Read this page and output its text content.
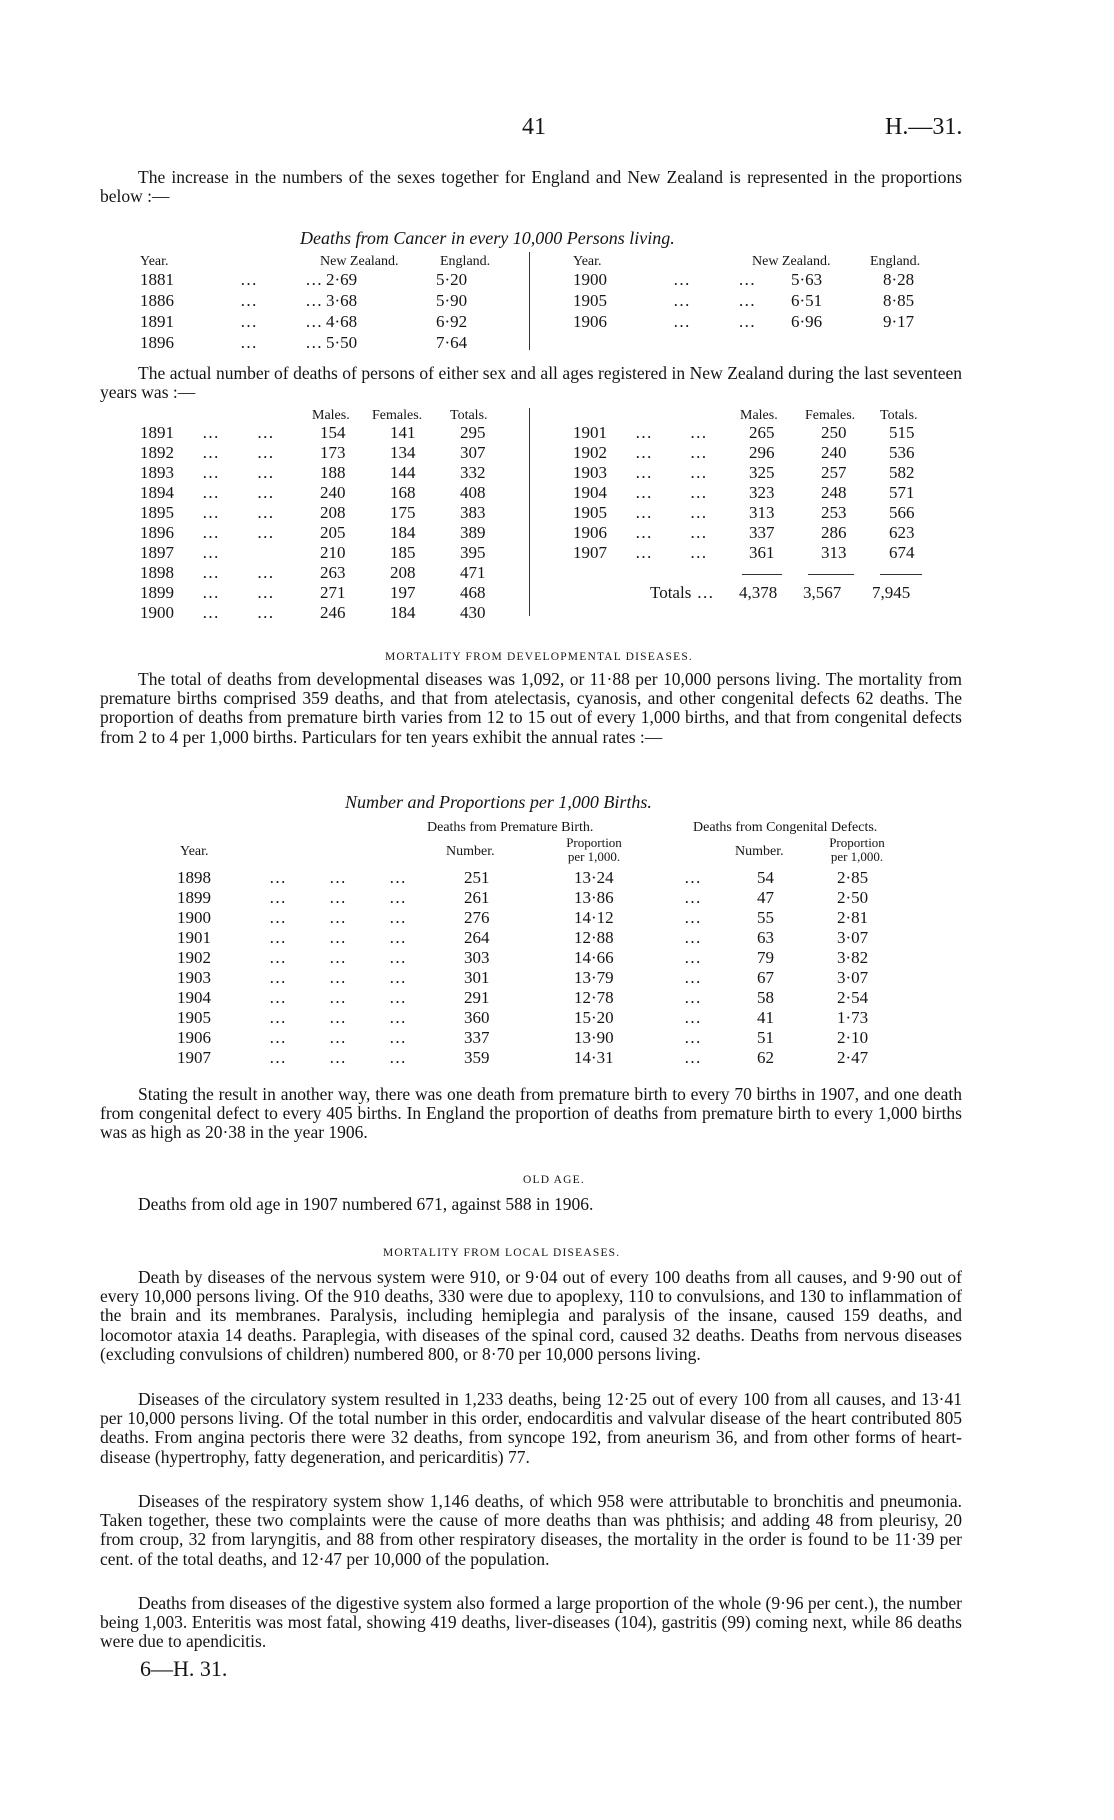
41	H.—31.

The increase in the numbers of the sexes together for England and New Zealand is represented in the proportions below :—

Deaths from Cancer in every 10,000 Persons living.
Year.	New Zealand.	England.	Year.	New Zealand.	England.
1881	…         … 2·69	5·20
1886	…         … 3·68	5·90
1891	…         … 4·68	6·92
1896	…         … 5·50	7·64
1900	…         … 5·63	8·28
1905	…         … 6·51	8·85
1906	…         … 6·96	9·17

The actual number of deaths of persons of either sex and all ages registered in New Zealand during the last seventeen years was :—

Males. Females. Totals.	Males. Females. Totals.
1891 …       …	154	141	295
1892 …       …	173	134	307
1893 …       …	188	144	332
1894 …       …	240	168	408
1895 …       …	208	175	383
1896 …       …	205	184	389
1897 …	210	185	395
1898 …       …	263	208	471
1899 …       …	271	197	468
1900 …       …	246	184	430
1901 …       … 265	250	515
1902 …       … 296	240	536
1903 …       … 325	257	582
1904 …       … 323	248	571
1905 …       … 313	253	566
1906 …       … 337	286	623
1907 …       … 361	313	674
Totals … 4,378 3,567 7,945
MORTALITY FROM DEVELOPMENTAL DISEASES.

The total of deaths from developmental diseases was 1,092, or 11·88 per 10,000 persons living. The mortality from premature births comprised 359 deaths, and that from atelectasis, cyanosis, and other congenital defects 62 deaths. The proportion of deaths from premature birth varies from 12 to 15 out of every 1,000 births, and that from congenital defects from 2 to 4 per 1,000 births. Particulars for ten years exhibit the annual rates :—

Number and Proportions per 1,000 Births.
Deaths from Premature Birth.	Deaths from Congenital Defects.
Year.	Number.
Proportion
per 1,000.	Number.
Proportion
per 1,000.
1898	…        …        …	251	13·24	…	54	2·85
1899	…        …        …	261	13·86	…	47	2·50
1900	…        …        …	276	14·12	…	55	2·81
1901	…        …        …	264	12·88	…	63	3·07
1902	…        …        …	303	14·66	…	79	3·82
1903	…        …        …	301	13·79	…	67	3·07
1904	…        …        …	291	12·78	…	58	2·54
1905	…        …        …	360	15·20	…	41	1·73
1906	…        …        …	337	13·90	…	51	2·10
1907	…        …        …	359	14·31	…	62	2·47

Stating the result in another way, there was one death from premature birth to every 70 births in 1907, and one death from congenital defect to every 405 births. In England the proportion of deaths from premature birth to every 1,000 births was as high as 20·38 in the year 1906.

OLD AGE.

Deaths from old age in 1907 numbered 671, against 588 in 1906.

MORTALITY FROM LOCAL DISEASES.

Death by diseases of the nervous system were 910, or 9·04 out of every 100 deaths from all causes, and 9·90 out of every 10,000 persons living. Of the 910 deaths, 330 were due to apoplexy, 110 to convulsions, and 130 to inflammation of the brain and its membranes. Paralysis, including hemiplegia and paralysis of the insane, caused 159 deaths, and locomotor ataxia 14 deaths. Paraplegia, with diseases of the spinal cord, caused 32 deaths. Deaths from nervous diseases (excluding convulsions of children) numbered 800, or 8·70 per 10,000 persons living.

Diseases of the circulatory system resulted in 1,233 deaths, being 12·25 out of every 100 from all causes, and 13·41 per 10,000 persons living. Of the total number in this order, endocarditis and valvular disease of the heart contributed 805 deaths. From angina pectoris there were 32 deaths, from syncope 192, from aneurism 36, and from other forms of heart-disease (hypertrophy, fatty degeneration, and pericarditis) 77.

Diseases of the respiratory system show 1,146 deaths, of which 958 were attributable to bronchitis and pneumonia. Taken together, these two complaints were the cause of more deaths than was phthisis; and adding 48 from pleurisy, 20 from croup, 32 from laryngitis, and 88 from other respiratory diseases, the mortality in the order is found to be 11·39 per cent. of the total deaths, and 12·47 per 10,000 of the population.

Deaths from diseases of the digestive system also formed a large proportion of the whole (9·96 per cent.), the number being 1,003. Enteritis was most fatal, showing 419 deaths, liver-diseases (104), gastritis (99) coming next, while 86 deaths were due to apendicitis.

6—H. 31.
